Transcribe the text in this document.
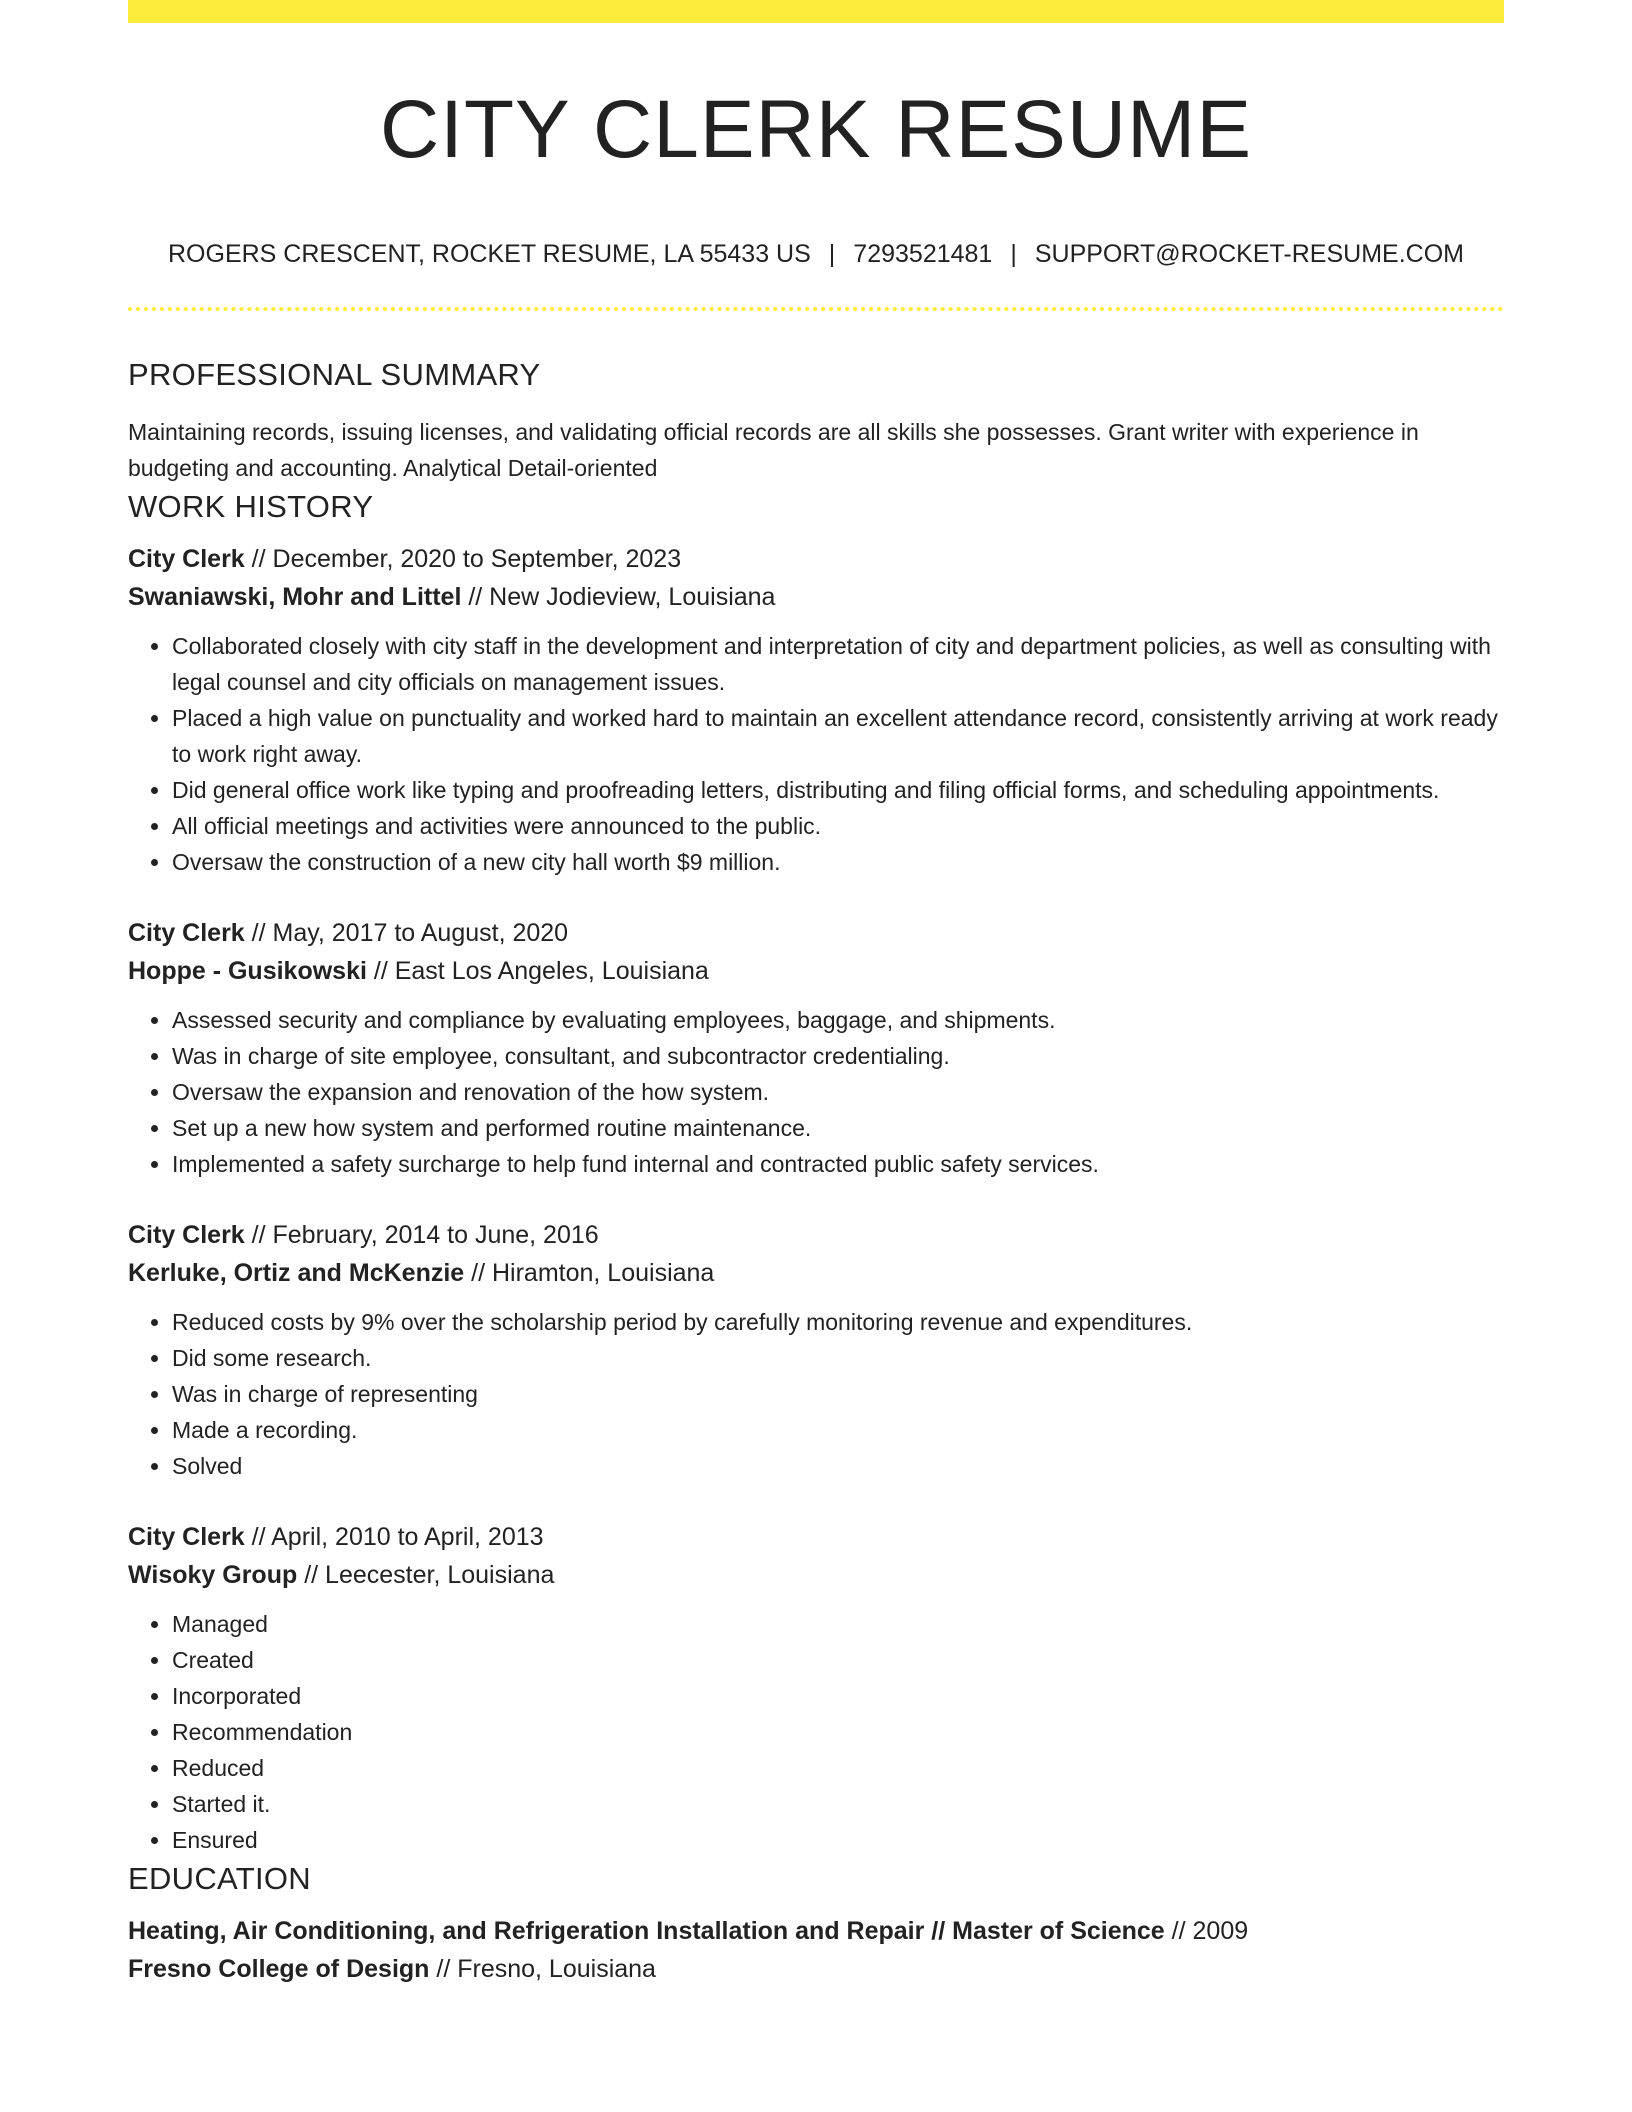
CITY CLERK RESUME
ROGERS CRESCENT, ROCKET RESUME, LA 55433 US | 7293521481 | SUPPORT@ROCKET-RESUME.COM
PROFESSIONAL SUMMARY

Maintaining records, issuing licenses, and validating official records are all skills she possesses. Grant writer with experience in budgeting and accounting. Analytical Detail-oriented

WORK HISTORY
City Clerk // December, 2020 to September, 2023
Swaniawski, Mohr and Littel // New Jodieview, Louisiana
• Collaborated closely with city staff in the development and interpretation of city and department policies, as well as consulting with legal counsel and city officials on management issues.
• Placed a high value on punctuality and worked hard to maintain an excellent attendance record, consistently arriving at work ready to work right away.
• Did general office work like typing and proofreading letters, distributing and filing official forms, and scheduling appointments.
• All official meetings and activities were announced to the public.
• Oversaw the construction of a new city hall worth $9 million.
City Clerk // May, 2017 to August, 2020
Hoppe - Gusikowski // East Los Angeles, Louisiana
• Assessed security and compliance by evaluating employees, baggage, and shipments.
• Was in charge of site employee, consultant, and subcontractor credentialing.
• Oversaw the expansion and renovation of the how system.
• Set up a new how system and performed routine maintenance.
• Implemented a safety surcharge to help fund internal and contracted public safety services.
City Clerk // February, 2014 to June, 2016
Kerluke, Ortiz and McKenzie // Hiramton, Louisiana
• Reduced costs by 9% over the scholarship period by carefully monitoring revenue and expenditures.
• Did some research.
• Was in charge of representing
• Made a recording.
• Solved
City Clerk // April, 2010 to April, 2013
Wisoky Group // Leecester, Louisiana
• Managed
• Created
• Incorporated
• Recommendation
• Reduced
• Started it.
• Ensured
EDUCATION
Heating, Air Conditioning, and Refrigeration Installation and Repair // Master of Science // 2009
Fresno College of Design // Fresno, Louisiana
